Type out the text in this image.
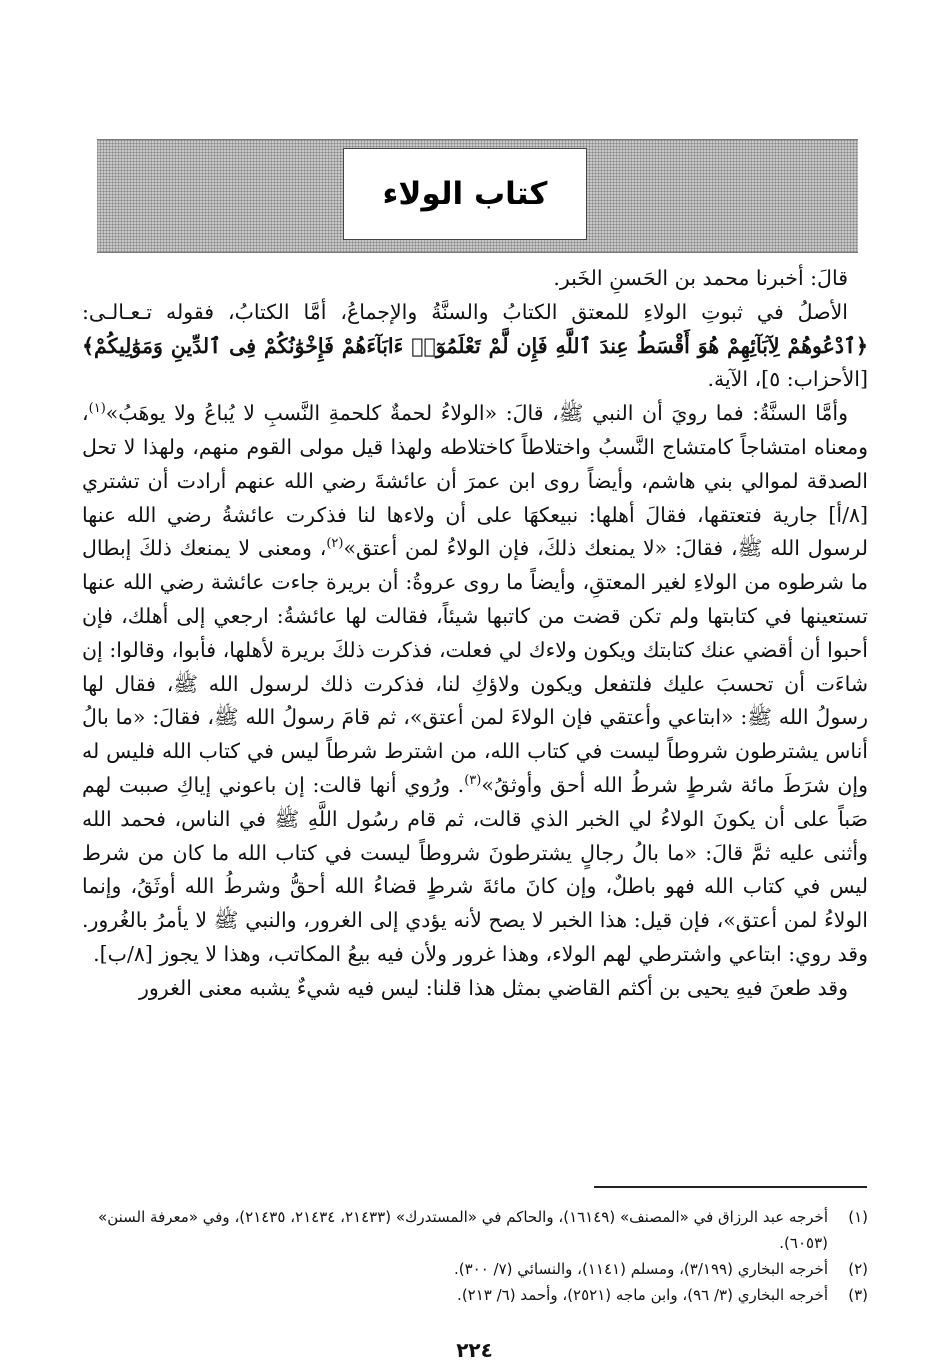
كتاب الولاء

قالَ: أخبرنا محمد بن الحَسنِ الخَبر.

الأصلُ في ثبوتِ الولاءِ للمعتق الكتابُ والسنَّةُ والإجماعُ، أمَّا الكتابُ، فقوله تـعـالـى: ﴿ٱدْعُوهُمْ لِآبَآئِهِمْ هُوَ أَقْسَطُ عِندَ ٱللَّهِ فَإِن لَّمْ تَعْلَمُوٓا۟ ءَابَآءَهُمْ فَإِخْوَٰنُكُمْ فِى ٱلدِّينِ وَمَوَٰلِيكُمْ﴾ [الأحزاب: ٥]، الآية.

وأمَّا السنَّةُ: فما رويَ أن النبي ﷺ، قالَ: «الولاءُ لحمةٌ كلحمةِ النَّسبِ لا يُباعُ ولا يوهَبُ»$^{(١)}$، ومعناه امتشاجاً كامتشاج النَّسبُ واختلاطاً كاختلاطه ولهذا قيل مولى القوم منهم، ولهذا لا تحل الصدقة لموالي بني هاشم، وأيضاً روى ابن عمرَ أن عائشةَ رضي الله عنهم أرادت أن تشتري [٨/أ] جارية فتعتقها، فقالَ أهلها: نبيعكهَا على أن ولاءها لنا فذكرت عائشةُ رضي الله عنها لرسول الله ﷺ، فقالَ: «لا يمنعك ذلكَ، فإن الولاءُ لمن أعتق»$^{(٢)}$، ومعنى لا يمنعك ذلكَ إبطال ما شرطوه من الولاءِ لغير المعتقِ، وأيضاً ما روى عروةُ: أن بريرة جاءت عائشة رضي الله عنها تستعينها في كتابتها ولم تكن قضت من كاتبها شيئاً، فقالت لها عائشةُ: ارجعي إلى أهلك، فإن أحبوا أن أقضي عنك كتابتك ويكون ولاءك لي فعلت، فذكرت ذلكَ بريرة لأهلها، فأبوا، وقالوا: إن شاءَت أن تحسبَ عليك فلتفعل ويكون ولاؤكِ لنا، فذكرت ذلك لرسول الله ﷺ، فقال لها رسولُ الله ﷺ: «ابتاعي وأعتقي فإن الولاءَ لمن أعتق»، ثم قامَ رسولُ الله ﷺ، فقالَ: «ما بالُ أناس يشترطون شروطاً ليست في كتاب الله، من اشترط شرطاً ليس في كتاب الله فليس له وإن شرَطَ مائة شرطٍ شرطُ الله أحق وأوثقُ»$^{(٣)}$. ورُوي أنها قالت: إن باعوني إياكِ صببت لهم صَباً على أن يكونَ الولاءُ لي الخبر الذي قالت، ثم قام رسُول اللَّهِ ﷺ في الناس، فحمد الله وأثنى عليه ثمَّ قالَ: «ما بالُ رجالٍ يشترطونَ شروطاً ليست في كتاب الله ما كان من شرط ليس في كتاب الله فهو باطلٌ، وإن كانَ مائةَ شرطٍ قضاءُ الله أحقُّ وشرطُ الله أوثَقُ، وإنما الولاءُ لمن أعتق»، فإن قيل: هذا الخبر لا يصح لأنه يؤدي إلى الغرور، والنبي ﷺ لا يأمرُ بالغُرور. وقد روي: ابتاعي واشترطي لهم الولاء، وهذا غرور ولأن فيه بيعُ المكاتب، وهذا لا يجوز [٨/ب].

وقد طعنَ فيهِ يحيى بن أكثم القاضي بمثل هذا قلنا: ليس فيه شيءٌ يشبه معنى الغرور

(١)
أخرجه عبد الرزاق في «المصنف» (١٦١٤٩)، والحاكم في «المستدرك» (٢١٤٣٣، ٢١٤٣٤، ٢١٤٣٥)، وفي «معرفة السنن» (٦٠٥٣).
(٢)
أخرجه البخاري (٣/١٩٩)، ومسلم (١١٤١)، والنسائي (٧/ ٣٠٠).
(٣)
أخرجه البخاري (٣/ ٩٦)، وابن ماجه (٢٥٢١)، وأحمد (٦/ ٢١٣).
٢٢٤
